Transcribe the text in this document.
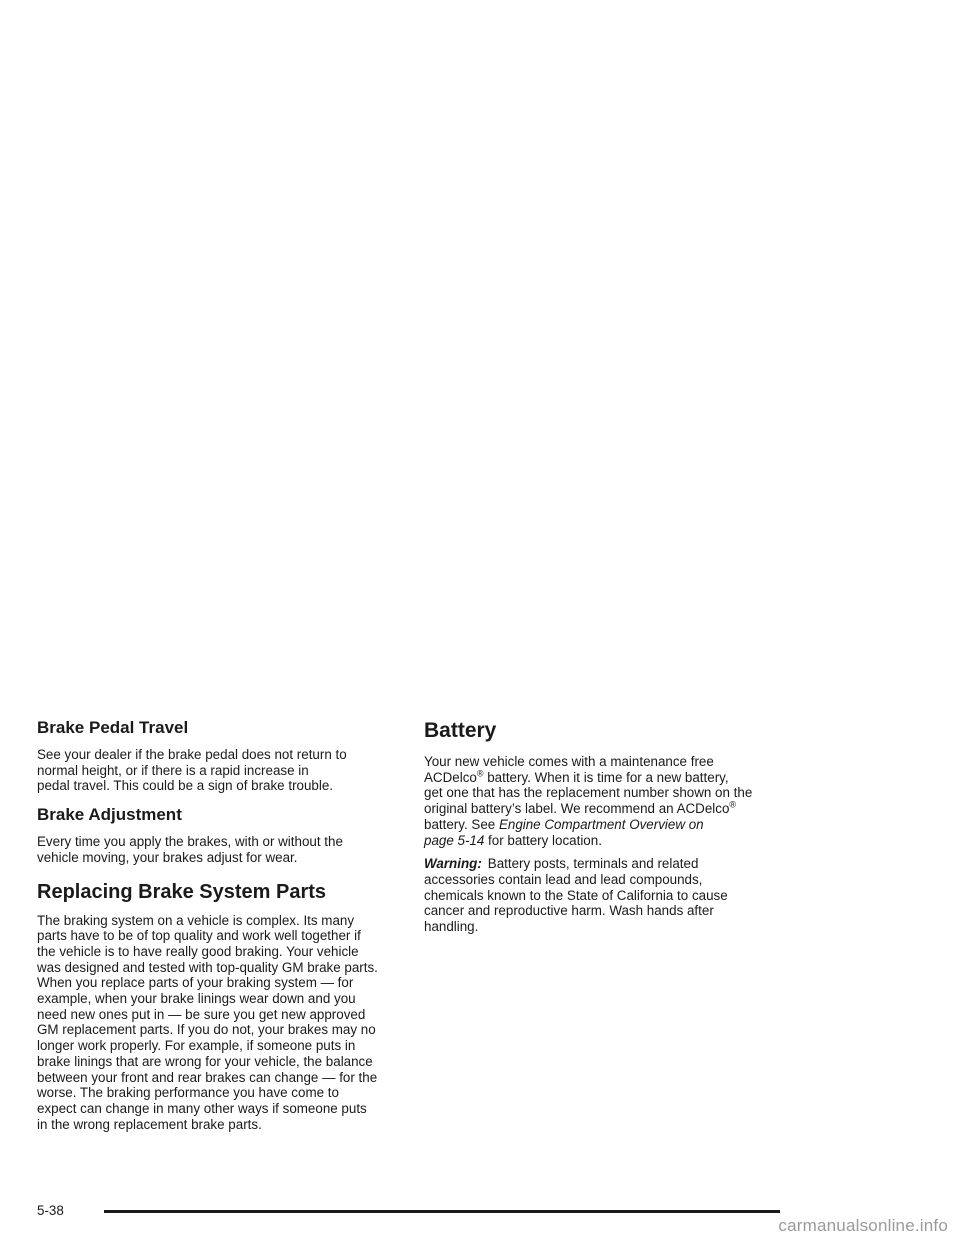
Brake Pedal Travel

See your dealer if the brake pedal does not return to
normal height, or if there is a rapid increase in
pedal travel. This could be a sign of brake trouble.

Brake Adjustment

Every time you apply the brakes, with or without the
vehicle moving, your brakes adjust for wear.

Replacing Brake System Parts

The braking system on a vehicle is complex. Its many
parts have to be of top quality and work well together if
the vehicle is to have really good braking. Your vehicle
was designed and tested with top-quality GM brake parts.
When you replace parts of your braking system — for
example, when your brake linings wear down and you
need new ones put in — be sure you get new approved
GM replacement parts. If you do not, your brakes may no
longer work properly. For example, if someone puts in
brake linings that are wrong for your vehicle, the balance
between your front and rear brakes can change — for the
worse. The braking performance you have come to
expect can change in many other ways if someone puts
in the wrong replacement brake parts.

Battery

Your new vehicle comes with a maintenance free
ACDelco® battery. When it is time for a new battery,
get one that has the replacement number shown on the
original battery’s label. We recommend an ACDelco®
battery. See Engine Compartment Overview on
page 5-14 for battery location.

Warning: Battery posts, terminals and related
accessories contain lead and lead compounds,
chemicals known to the State of California to cause
cancer and reproductive harm. Wash hands after
handling.

5-38
carmanualsonline.info
